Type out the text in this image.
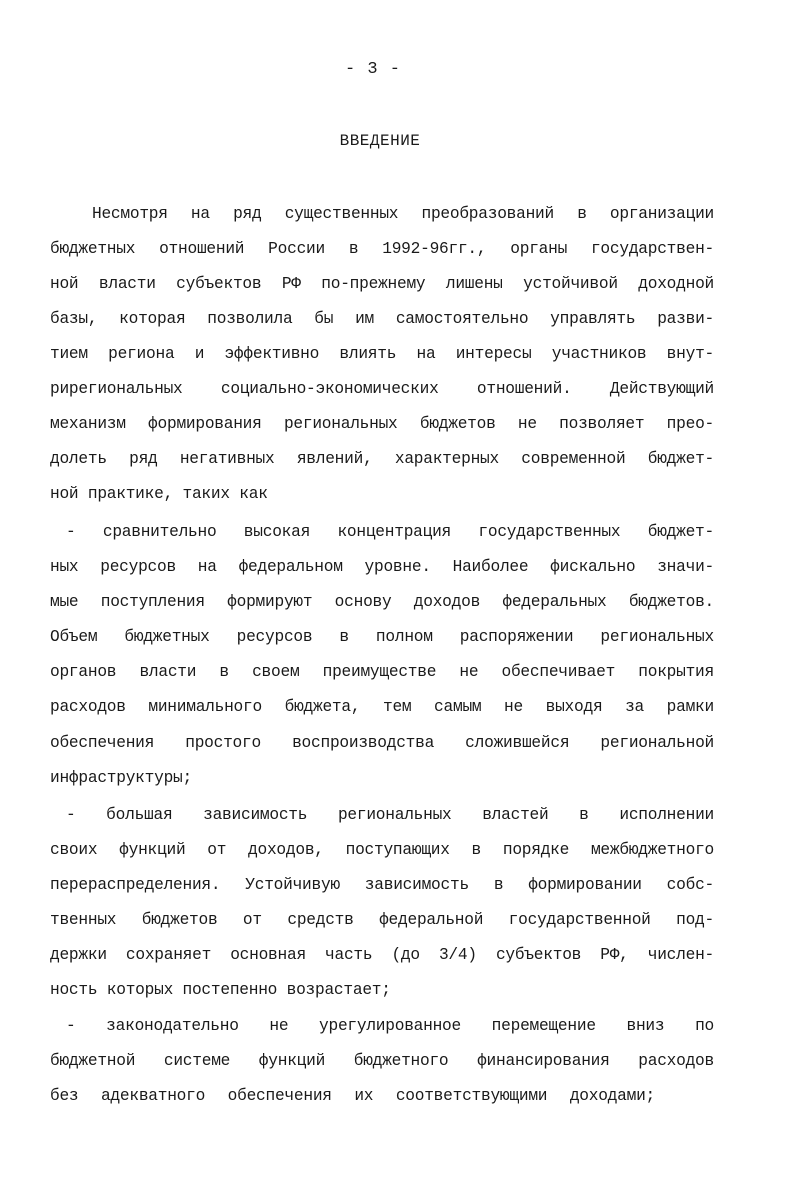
- 3 -
ВВЕДЕНИЕ
Несмотря на ряд существенных преобразований в организации
бюджетных отношений России в 1992-96гг., органы государствен-
ной власти субъектов РФ по-прежнему лишены устойчивой доходной
базы, которая позволила бы им самостоятельно управлять разви-
тием региона и эффективно влиять на интересы участников внут-
рирегиональных социально-экономических отношений. Действующий
механизм формирования региональных бюджетов не позволяет прео-
долеть ряд негативных явлений, характерных современной бюджет-
ной практике, таких как
- сравнительно высокая концентрация государственных бюджет-
ных ресурсов на федеральном уровне. Наиболее фискально значи-
мые поступления формируют основу доходов федеральных бюджетов.
Объем бюджетных ресурсов в полном распоряжении региональных
органов власти в своем преимуществе не обеспечивает покрытия
расходов минимального бюджета, тем самым не выходя за рамки
обеспечения простого воспроизводства сложившейся региональной
инфраструктуры;
- большая зависимость региональных властей в исполнении
своих функций от доходов, поступающих в порядке межбюджетного
перераспределения. Устойчивую зависимость в формировании собс-
твенных бюджетов от средств федеральной государственной под-
держки сохраняет основная часть (до 3/4) субъектов РФ, числен-
ность которых постепенно возрастает;
- законодательно не урегулированное перемещение вниз по
бюджетной системе функций бюджетного финансирования расходов
без адекватного обеспечения их соответствующими доходами;
